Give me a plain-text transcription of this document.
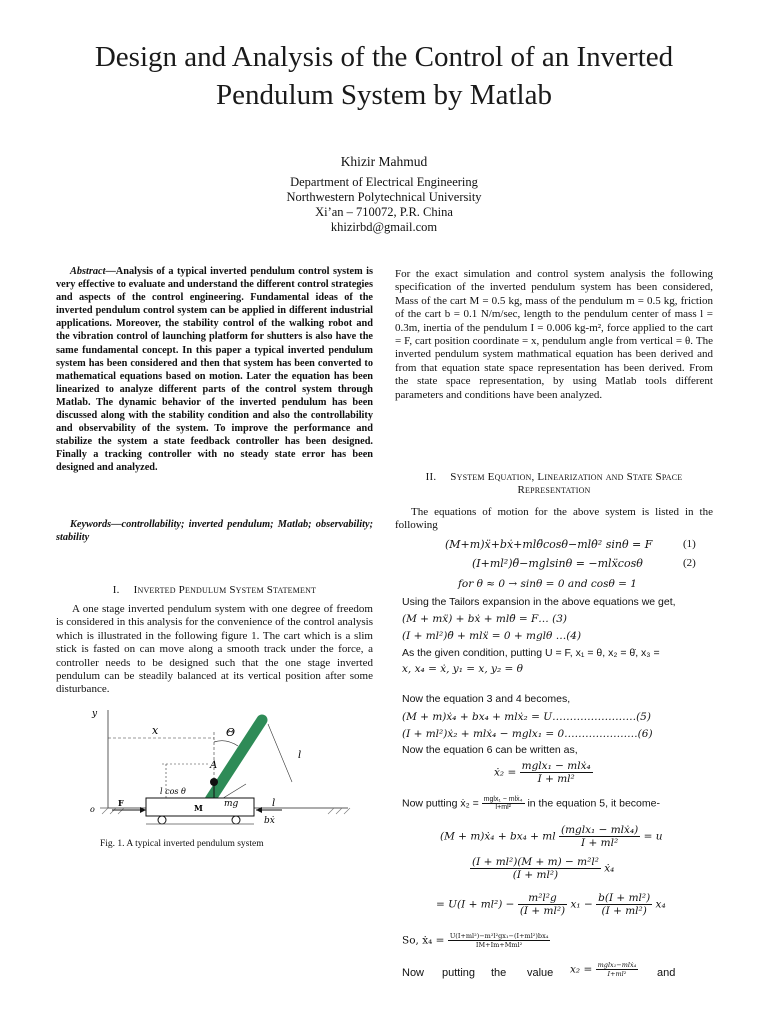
Design and Analysis of the Control of an Inverted
Pendulum System by Matlab
Khizir Mahmud
Department of Electrical Engineering
Northwestern Polytechnical University
Xi’an – 710072, P.R. China
khizirbd@gmail.com
Abstract—Analysis of a typical inverted pendulum control system is very effective to evaluate and understand the different control strategies and aspects of the control engineering. Fundamental ideas of the inverted pendulum control system can be applied in different industrial applications. Moreover, the stability control of the walking robot and the vibration control of launching platform for shutters is also have the same fundamental concept. In this paper a typical inverted pendulum system has been considered and then that system has been converted to mathematical equations based on motion. Later the equation has been linearized to analyze different parts of the control system through Matlab. The dynamic behavior of the inverted pendulum has been discussed along with the stability condition and also the controllability and observability of the system. To improve the performance and stabilize the system a state feedback controller has been designed. Finally a tracking controller with no steady state error has been designed and analyzed.
Keywords—controllability; inverted pendulum; Matlab; observability; stability
I. Inverted Pendulum System Statement
A one stage inverted pendulum system with one degree of freedom is considered in this analysis for the convenience of the control analysis which is illustrated in the following figure 1. The cart which is a slim stick is fasted on can move along a smooth track under the force, a controller needs to be designed such that the one stage inverted pendulum can be steadily balanced at its vertical position after some disturbance.
y
x	Θ
A
l
l
l cos θ
mg
F	M
bẋ
o
Fig. 1. A typical inverted pendulum system
For the exact simulation and control system analysis the following specification of the inverted pendulum system has been considered, Mass of the cart M = 0.5 kg, mass of the pendulum m = 0.5 kg, friction of the cart b = 0.1 N/m/sec, length to the pendulum center of mass l = 0.3m, inertia of the pendulum I = 0.006 kg-m², force applied to the cart = F, cart position coordinate = x, pendulum angle from vertical = θ. The inverted pendulum system mathmatical equation has been derived and from that equation state space representation has been derived. From the state space representation, by using Matlab tools different parameters and conditions have been analyzed.
II. System Equation, Linearization and State Space
Representation
The equations of motion for the above system is listed in the following
(M+m)ẍ+bẋ+mlθ̈cosθ−mlθ̇² sinθ = F	(1)
(I+ml²)θ̈−mglsinθ = −mlẍcosθ	(2)
for θ ≈ 0 → sinθ = 0 and cosθ = 1
Using the Tailors expansion in the above equations we get,
(M + mẍ) + bẋ + mlθ̈ = F… (3)
(I + ml²)θ̈ + mlẍ = 0 + mglθ …(4)
As the given condition, putting U = F, x₁ = θ, x₂ = θ̇, x₃ =
x, x₄ = ẋ, y₁ = x, y₂ = θ
Now the equation 3 and 4 becomes,
(M + m)ẋ₄ + bx₄ + mlẋ₂ = U……………………(5)
(I + ml²)ẋ₂ + mlẋ₄ − mglx₁ = 0…………………(6)
Now the equation 6 can be written as,
ẋ₂ = $\frac{\text{mglx₁ − mlẋ₄}}{\text{I + ml²}}$
Now putting ẋ₂ = $\frac{\text{mglx₁ − mlẋ₄}}{\text{I+ml²}}$ in the equation 5, it become-
(M + m)ẋ₄ + bx₄ + ml $\frac{\text{(mglx₁ − mlẋ₄)}}{\text{I + ml²}} = u$
$\frac{\text{(I + ml²)(M + m) − m²l²}}{\text{(I + ml²)}}$ ẋ₄
= $U(I + ml^2) - \frac{\text{m²l²g}}{\text{(I + ml²)}} x_1 - \frac{\text{b(I + ml²)}}{\text{(I + ml²)}} x_4$
So, ẋ₄ = $\frac{\text{U(I+ml²)−m²l²gx₁−(I+ml²)bx₄}}{\text{IM+Im+Mml²}}$
Now putting the value $x_2 = \frac{\text{mglx₁−mlẋ₄}}{\text{I+ml²}}$ and
